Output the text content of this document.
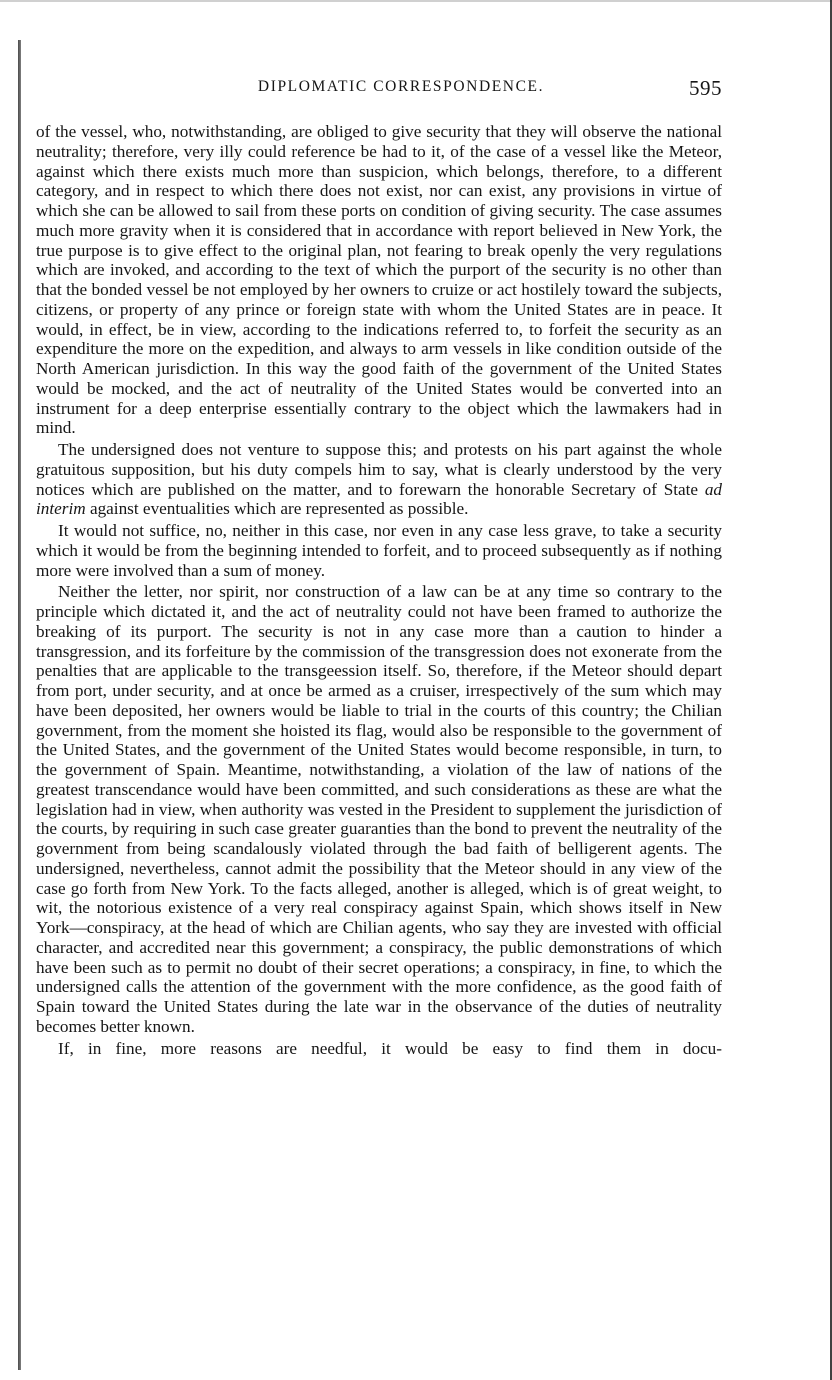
DIPLOMATIC CORRESPONDENCE.	595

of the vessel, who, notwithstanding, are obliged to give security that they will observe the national neutrality; therefore, very illy could reference be had to it, of the case of a vessel like the Meteor, against which there exists much more than suspicion, which belongs, therefore, to a different category, and in respect to which there does not exist, nor can exist, any provisions in virtue of which she can be allowed to sail from these ports on condition of giving security. The case assumes much more gravity when it is considered that in accordance with report believed in New York, the true purpose is to give effect to the original plan, not fearing to break openly the very regulations which are invoked, and according to the text of which the purport of the security is no other than that the bonded vessel be not employed by her owners to cruize or act hostilely toward the subjects, citizens, or property of any prince or foreign state with whom the United States are in peace. It would, in effect, be in view, according to the indications referred to, to forfeit the security as an expenditure the more on the expedition, and always to arm vessels in like condition outside of the North American jurisdiction. In this way the good faith of the government of the United States would be mocked, and the act of neutrality of the United States would be converted into an instrument for a deep enterprise essentially contrary to the object which the lawmakers had in mind.

The undersigned does not venture to suppose this; and protests on his part against the whole gratuitous supposition, but his duty compels him to say, what is clearly understood by the very notices which are published on the matter, and to forewarn the honorable Secretary of State ad interim against eventualities which are represented as possible.

It would not suffice, no, neither in this case, nor even in any case less grave, to take a security which it would be from the beginning intended to forfeit, and to proceed subsequently as if nothing more were involved than a sum of money.

Neither the letter, nor spirit, nor construction of a law can be at any time so contrary to the principle which dictated it, and the act of neutrality could not have been framed to authorize the breaking of its purport. The security is not in any case more than a caution to hinder a transgression, and its forfeiture by the commission of the transgression does not exonerate from the penalties that are applicable to the transgeession itself. So, therefore, if the Meteor should depart from port, under security, and at once be armed as a cruiser, irrespectively of the sum which may have been deposited, her owners would be liable to trial in the courts of this country; the Chilian government, from the moment she hoisted its flag, would also be responsible to the government of the United States, and the government of the United States would become responsible, in turn, to the government of Spain. Meantime, notwithstanding, a violation of the law of nations of the greatest transcendance would have been committed, and such considerations as these are what the legislation had in view, when authority was vested in the President to supplement the jurisdiction of the courts, by requiring in such case greater guaranties than the bond to prevent the neutrality of the government from being scandalously violated through the bad faith of belligerent agents. The undersigned, nevertheless, cannot admit the possibility that the Meteor should in any view of the case go forth from New York. To the facts alleged, another is alleged, which is of great weight, to wit, the notorious existence of a very real conspiracy against Spain, which shows itself in New York—conspiracy, at the head of which are Chilian agents, who say they are invested with official character, and accredited near this government; a conspiracy, the public demonstrations of which have been such as to permit no doubt of their secret operations; a conspiracy, in fine, to which the undersigned calls the attention of the government with the more confidence, as the good faith of Spain toward the United States during the late war in the observance of the duties of neutrality becomes better known.

If, in fine, more reasons are needful, it would be easy to find them in docu-
